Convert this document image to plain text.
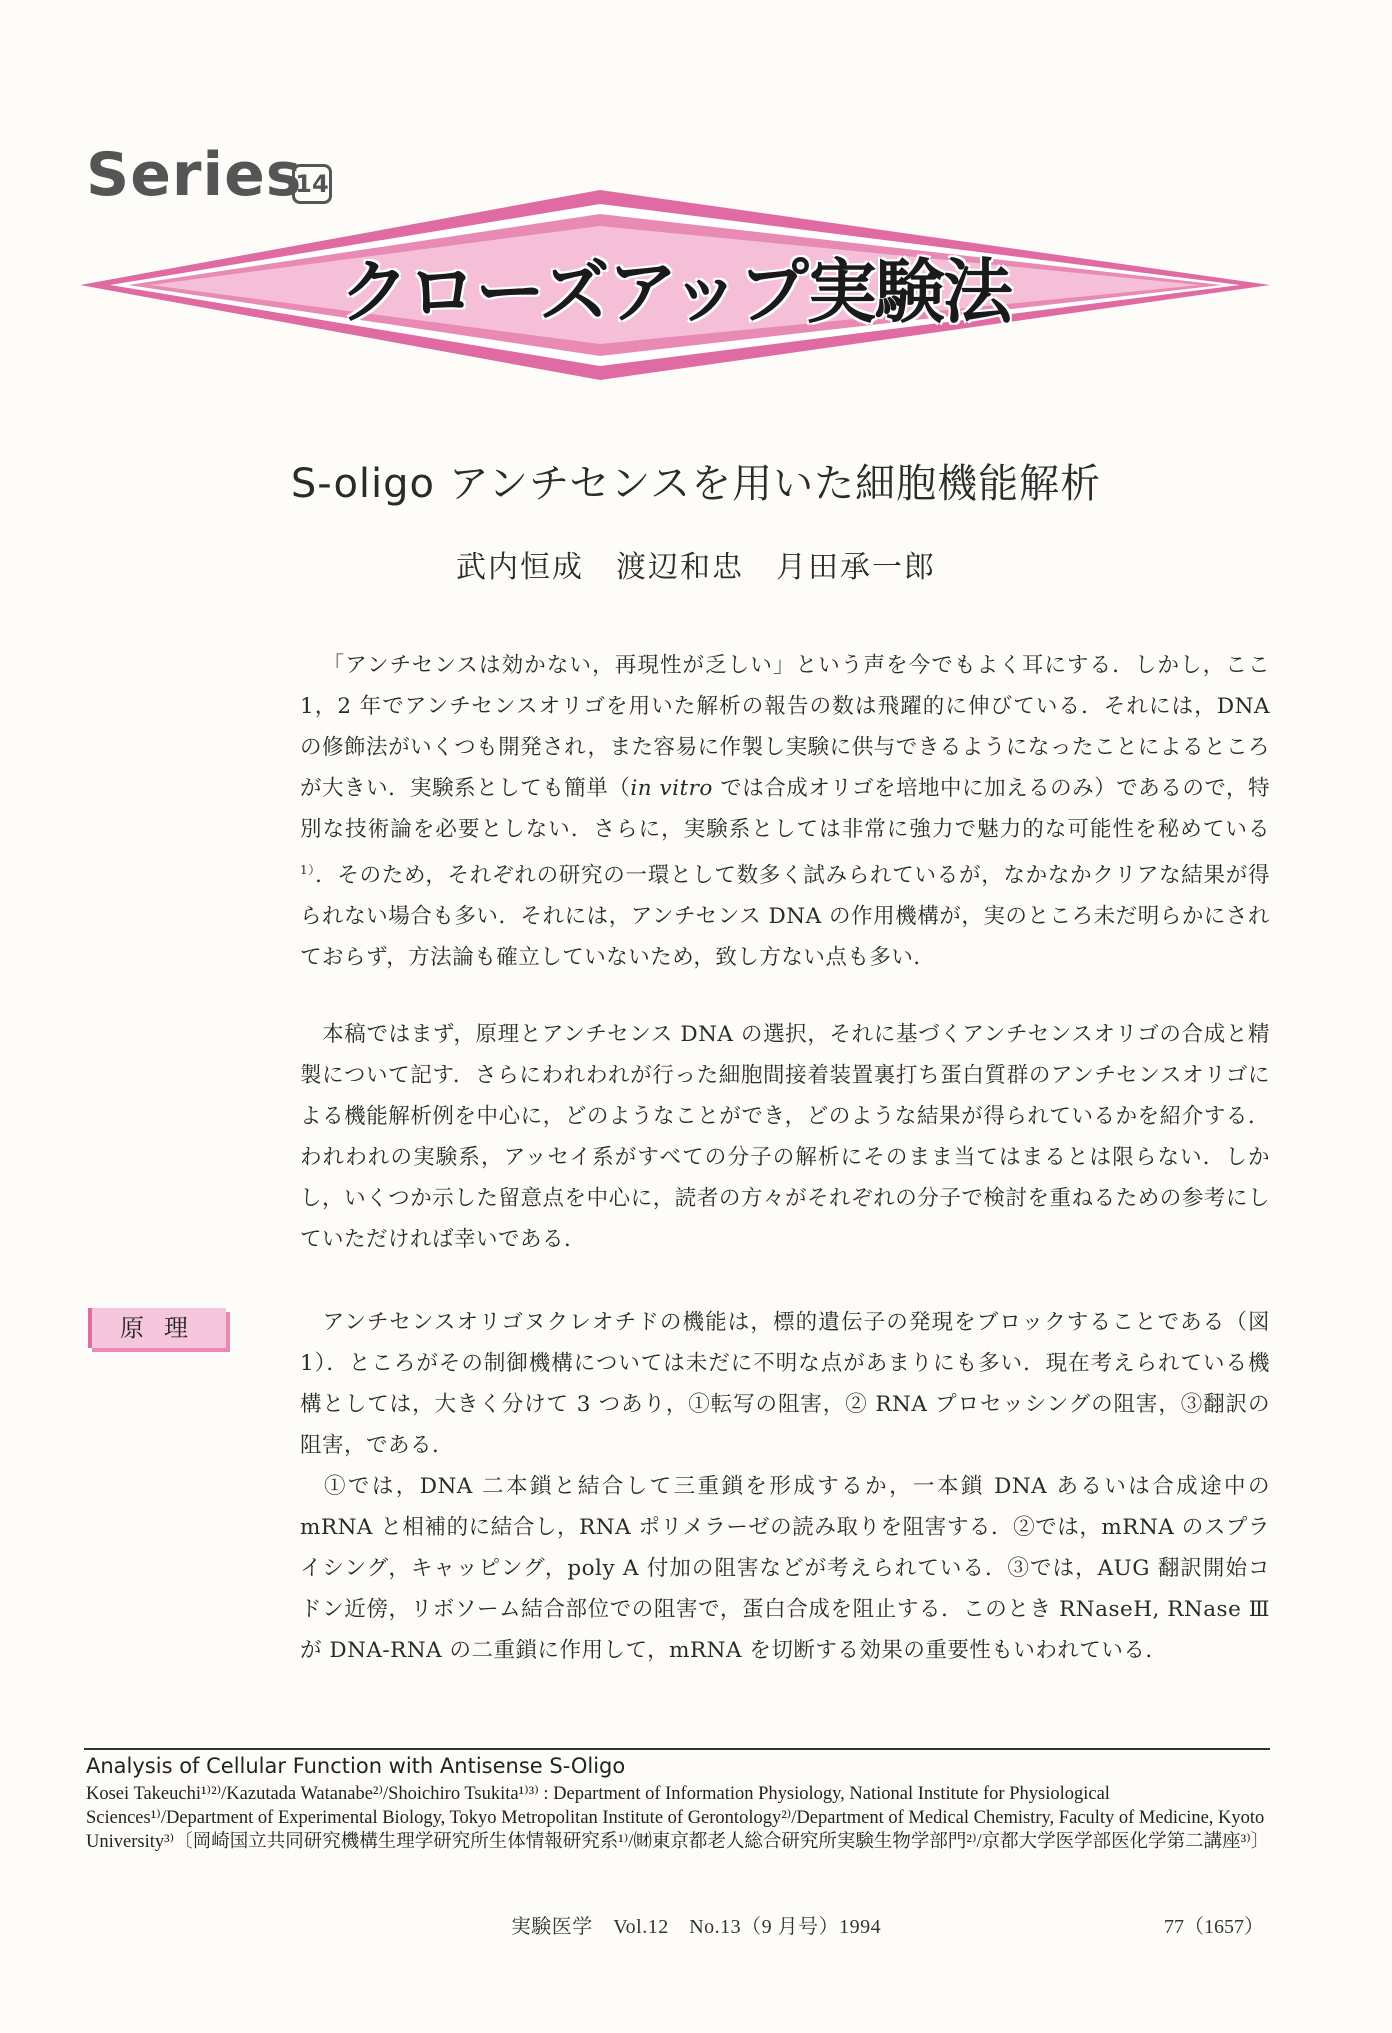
Series
14
クローズアップ実験法
S-oligo アンチセンスを用いた細胞機能解析
武内恒成　渡辺和忠　月田承一郎

「アンチセンスは効かない，再現性が乏しい」という声を今でもよく耳にする．しかし，ここ 1，2 年でアンチセンスオリゴを用いた解析の報告の数は飛躍的に伸びている．それには，DNA の修飾法がいくつも開発され，また容易に作製し実験に供与できるようになったことによるところが大きい．実験系としても簡単（in vitro では合成オリゴを培地中に加えるのみ）であるので，特別な技術論を必要としない．さらに，実験系としては非常に強力で魅力的な可能性を秘めている$^{1)}$．そのため，それぞれの研究の一環として数多く試みられているが，なかなかクリアな結果が得られない場合も多い．それには，アンチセンス DNA の作用機構が，実のところ未だ明らかにされておらず，方法論も確立していないため，致し方ない点も多い．

本稿ではまず，原理とアンチセンス DNA の選択，それに基づくアンチセンスオリゴの合成と精製について記す．さらにわれわれが行った細胞間接着装置裏打ち蛋白質群のアンチセンスオリゴによる機能解析例を中心に，どのようなことができ，どのような結果が得られているかを紹介する．われわれの実験系，アッセイ系がすべての分子の解析にそのまま当てはまるとは限らない．しかし，いくつか示した留意点を中心に，読者の方々がそれぞれの分子で検討を重ねるための参考にしていただければ幸いである．

原理	アンチセンスオリゴヌクレオチドの機能は，標的遺伝子の発現をブロックすることである（図 1）．ところがその制御機構については未だに不明な点があまりにも多い．現在考えられている機構としては，大きく分けて 3 つあり，①転写の阻害，② RNA プロセッシングの阻害，③翻訳の阻害，である．

①では，DNA 二本鎖と結合して三重鎖を形成するか，一本鎖 DNA あるいは合成途中の mRNA と相補的に結合し，RNA ポリメラーゼの読み取りを阻害する．②では，mRNA のスプライシング，キャッピング，poly A 付加の阻害などが考えられている．③では，AUG 翻訳開始コドン近傍，リボソーム結合部位での阻害で，蛋白合成を阻止する．このとき RNaseH, RNase Ⅲが DNA-RNA の二重鎖に作用して，mRNA を切断する効果の重要性もいわれている．

Analysis of Cellular Function with Antisense S-Oligo

Kosei Takeuchi¹⁾²⁾/Kazutada Watanabe²⁾/Shoichiro Tsukita¹⁾³⁾ : Department of Information Physiology, National Institute for Physiological Sciences¹⁾/Department of Experimental Biology, Tokyo Metropolitan Institute of Gerontology²⁾/Department of Medical Chemistry, Faculty of Medicine, Kyoto University³⁾〔岡崎国立共同研究機構生理学研究所生体情報研究系¹⁾/㈶東京都老人総合研究所実験生物学部門²⁾/京都大学医学部医化学第二講座³⁾〕

実験医学　Vol.12　No.13（9 月号）1994	77（1657）
